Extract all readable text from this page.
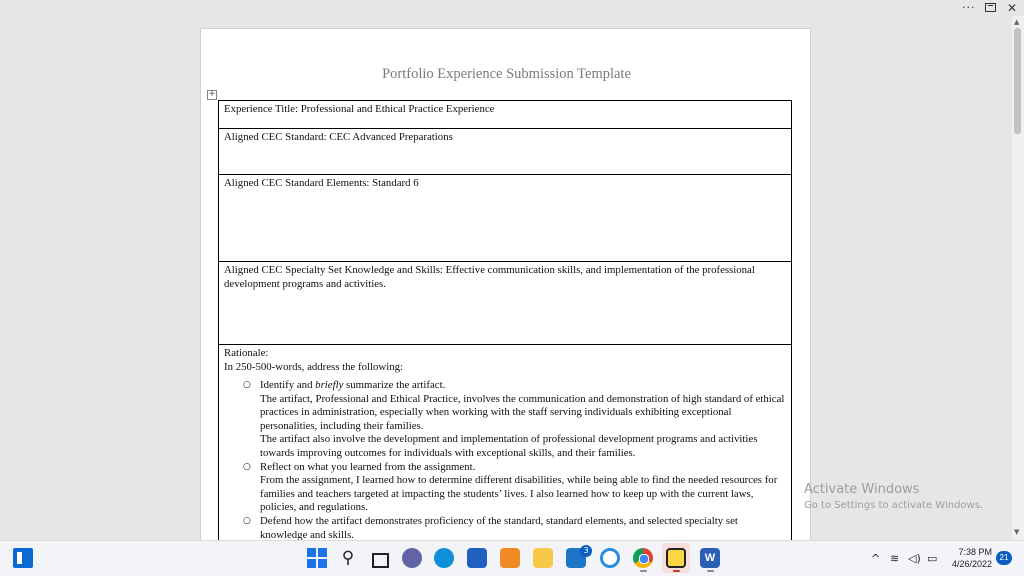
···	✕
▲
▼
Portfolio Experience Submission Template
+
Experience Title: Professional and Ethical Practice Experience
Aligned CEC Standard: CEC Advanced Preparations
Aligned CEC Standard Elements: Standard 6
Aligned CEC Specialty Set Knowledge and Skills: Effective communication skills, and implementation of the professional development programs and activities.

Rationale:
In 250-500-words, address the following:
○ Identify and briefly summarize the artifact.

The artifact, Professional and Ethical Practice, involves the communication and demonstration of high standard of ethical practices in administration, especially when working with the staff serving individuals exhibiting exceptional personalities, including their families.

The artifact also involve the development and implementation of professional development programs and activities towards improving outcomes for individuals with exceptional skills, and their families.

○ Reflect on what you learned from the assignment.

From the assignment, I learned how to determine different disabilities, while being able to find the needed resources for families and teachers targeted at impacting the students’ lives. I also learned how to keep up with the current laws, policies, and regulations.

○ Defend how the artifact demonstrates proficiency of the standard, standard elements, and selected specialty set knowledge and skills.
Activate Windows
Go to Settings to activate Windows.
⚲	3
W	^ ≋ ◁) ▭	7:38 PM
4/26/2022
21
